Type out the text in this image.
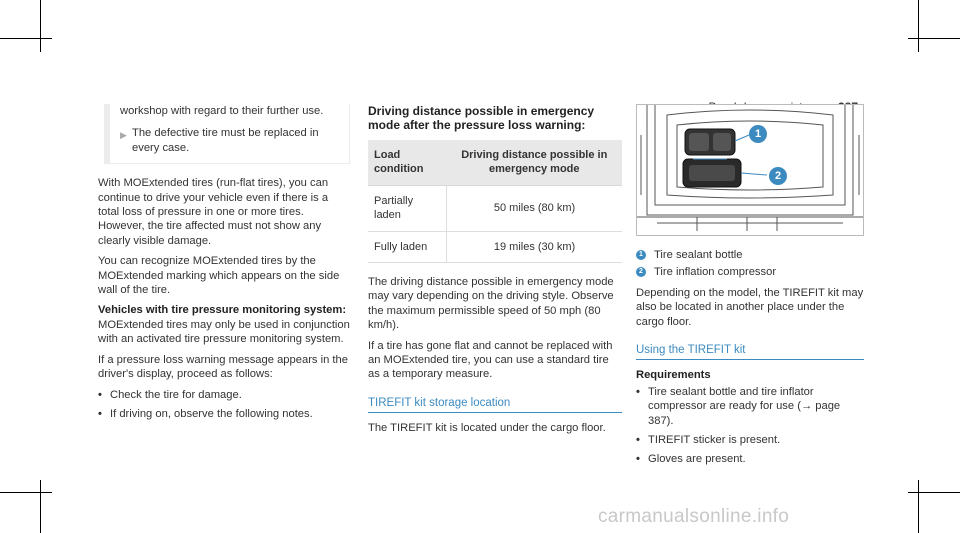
workshop with regard to their further use.

▶ The defective tire must be replaced in every case.

With MOExtended tires (run-flat tires), you can continue to drive your vehicle even if there is a total loss of pressure in one or more tires. However, the tire affected must not show any clearly visible damage.

You can recognize MOExtended tires by the MOExtended marking which appears on the side wall of the tire.

Vehicles with tire pressure monitoring system:

MOExtended tires may only be used in conjunction with an activated tire pressure monitoring system.

If a pressure loss warning message appears in the driver's display, proceed as follows:

• Check the tire for damage.
• If driving on, observe the following notes.

Driving distance possible in emergency mode after the pressure loss warning:

Load condition	Driving distance possible in emergency mode
Partially laden	50 miles (80 km)
Fully laden	19 miles (30 km)

The driving distance possible in emergency mode may vary depending on the driving style. Observe the maximum permissible speed of 50 mph (80 km/h).

If a tire has gone flat and cannot be replaced with an MOExtended tire, you can use a standard tire as a temporary measure.

TIREFIT kit storage location

The TIREFIT kit is located under the cargo floor.

1
2
1 Tire sealant bottle
2 Tire inflation compressor

Depending on the model, the TIREFIT kit may also be located in another place under the cargo floor.

Using the TIREFIT kit

Requirements

• Tire sealant bottle and tire inflator compressor are ready for use (→ page 387).
• TIREFIT sticker is present.
• Gloves are present.
carmanualsonline.info
